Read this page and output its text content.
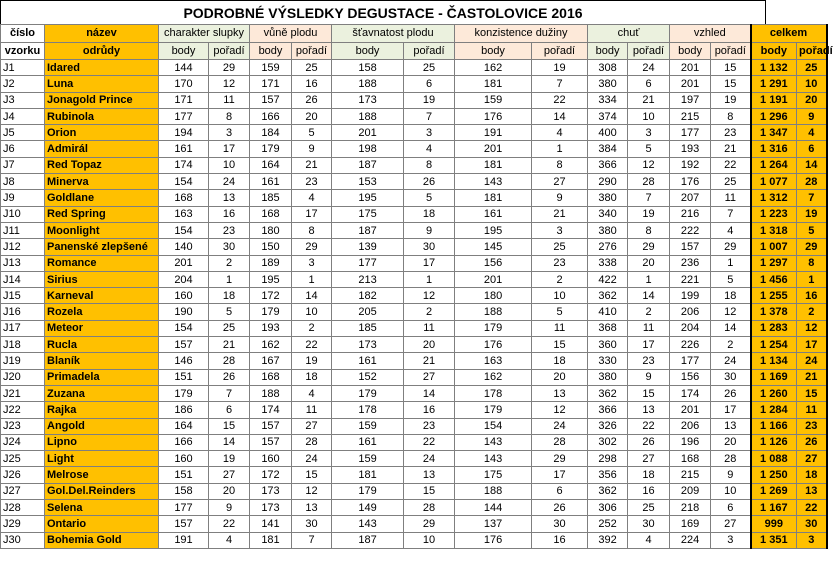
PODROBNÉ VÝSLEDKY DEGUSTACE - ČASTOLOVICE 2016
číslo	název	charakter slupky		vůně plodu		šťavnatost plodu		konzistence dužiny		chuť		vzhled		celkem	
vzorku	odrůdy	body	pořadí	body	pořadí	body	pořadí	body	pořadí	body	pořadí	body	pořadí	body	pořadí
J1	Idared	144	29	159	25	158	25	162	19	308	24	201	15	1 132	25
J2	Luna	170	12	171	16	188	6	181	7	380	6	201	15	1 291	10
J3	Jonagold Prince	171	11	157	26	173	19	159	22	334	21	197	19	1 191	20
J4	Rubinola	177	8	166	20	188	7	176	14	374	10	215	8	1 296	9
J5	Orion	194	3	184	5	201	3	191	4	400	3	177	23	1 347	4
J6	Admirál	161	17	179	9	198	4	201	1	384	5	193	21	1 316	6
J7	Red Topaz	174	10	164	21	187	8	181	8	366	12	192	22	1 264	14
J8	Minerva	154	24	161	23	153	26	143	27	290	28	176	25	1 077	28
J9	Goldlane	168	13	185	4	195	5	181	9	380	7	207	11	1 312	7
J10	Red Spring	163	16	168	17	175	18	161	21	340	19	216	7	1 223	19
J11	Moonlight	154	23	180	8	187	9	195	3	380	8	222	4	1 318	5
J12	Panenské zlepšené	140	30	150	29	139	30	145	25	276	29	157	29	1 007	29
J13	Romance	201	2	189	3	177	17	156	23	338	20	236	1	1 297	8
J14	Sirius	204	1	195	1	213	1	201	2	422	1	221	5	1 456	1
J15	Karneval	160	18	172	14	182	12	180	10	362	14	199	18	1 255	16
J16	Rozela	190	5	179	10	205	2	188	5	410	2	206	12	1 378	2
J17	Meteor	154	25	193	2	185	11	179	11	368	11	204	14	1 283	12
J18	Rucla	157	21	162	22	173	20	176	15	360	17	226	2	1 254	17
J19	Blaník	146	28	167	19	161	21	163	18	330	23	177	24	1 134	24
J20	Primadela	151	26	168	18	152	27	162	20	380	9	156	30	1 169	21
J21	Zuzana	179	7	188	4	179	14	178	13	362	15	174	26	1 260	15
J22	Rajka	186	6	174	11	178	16	179	12	366	13	201	17	1 284	11
J23	Angold	164	15	157	27	159	23	154	24	326	22	206	13	1 166	23
J24	Lipno	166	14	157	28	161	22	143	28	302	26	196	20	1 126	26
J25	Light	160	19	160	24	159	24	143	29	298	27	168	28	1 088	27
J26	Melrose	151	27	172	15	181	13	175	17	356	18	215	9	1 250	18
J27	Gol.Del.Reinders	158	20	173	12	179	15	188	6	362	16	209	10	1 269	13
J28	Selena	177	9	173	13	149	28	144	26	306	25	218	6	1 167	22
J29	Ontario	157	22	141	30	143	29	137	30	252	30	169	27	999	30
J30	Bohemia Gold	191	4	181	7	187	10	176	16	392	4	224	3	1 351	3
